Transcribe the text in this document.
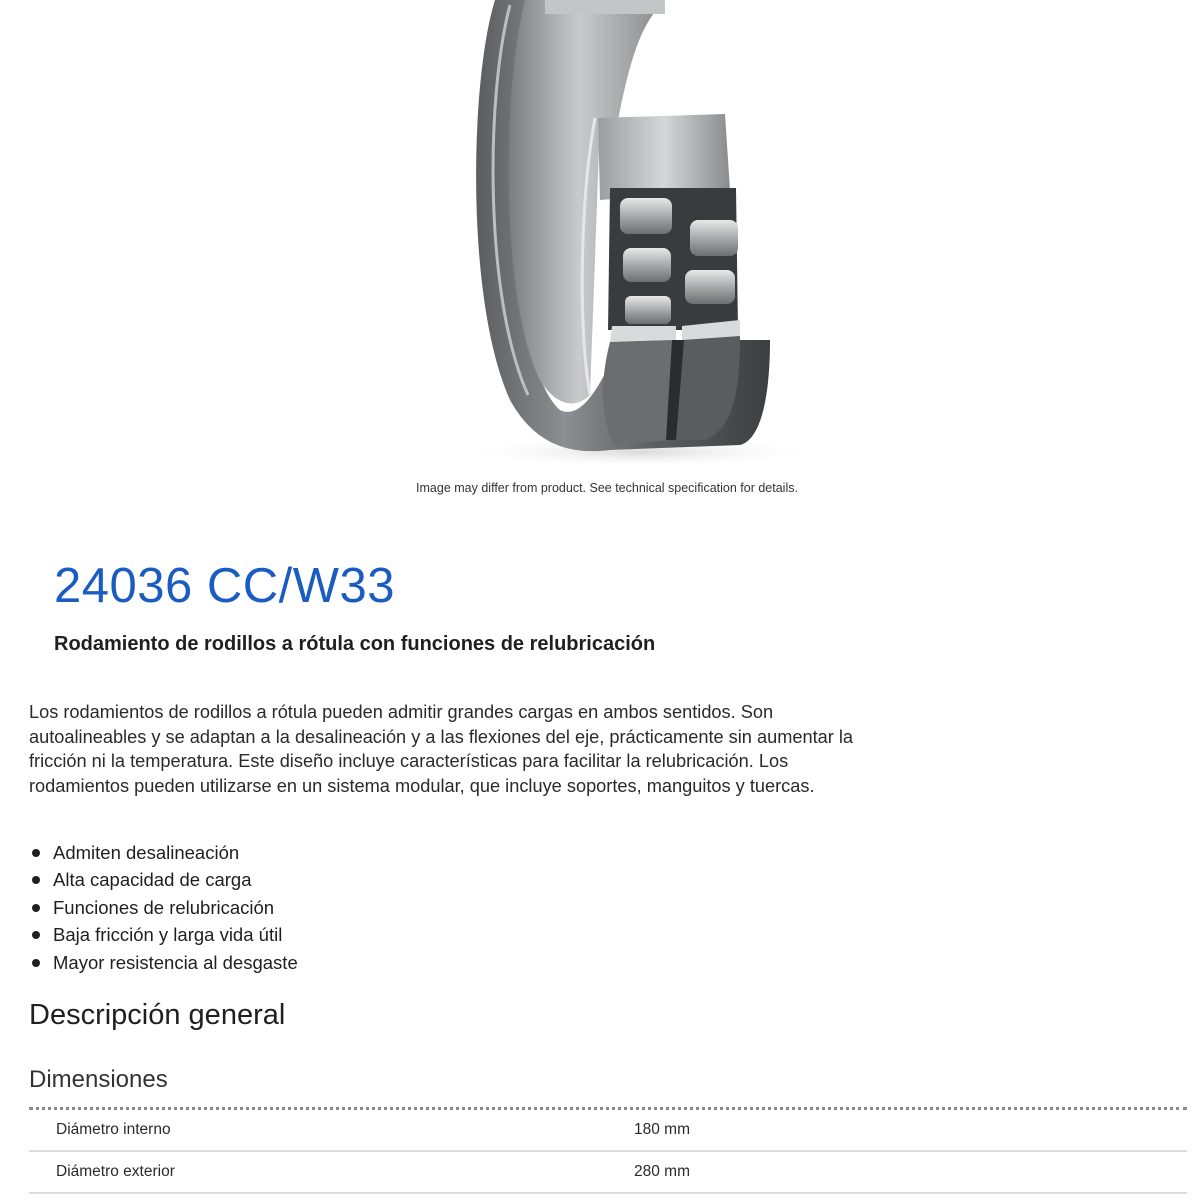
Image may differ from product. See technical specification for details.
24036 CC/W33
Rodamiento de rodillos a rótula con funciones de relubricación

Los rodamientos de rodillos a rótula pueden admitir grandes cargas en ambos sentidos. Son autoalineables y se adaptan a la desalineación y a las flexiones del eje, prácticamente sin aumentar la fricción ni la temperatura. Este diseño incluye características para facilitar la relubricación. Los rodamientos pueden utilizarse en un sistema modular, que incluye soportes, manguitos y tuercas.

Admiten desalineación
Alta capacidad de carga
Funciones de relubricación
Baja fricción y larga vida útil
Mayor resistencia al desgaste
Descripción general
Dimensiones
Diámetro interno	180 mm
Diámetro exterior	280 mm
